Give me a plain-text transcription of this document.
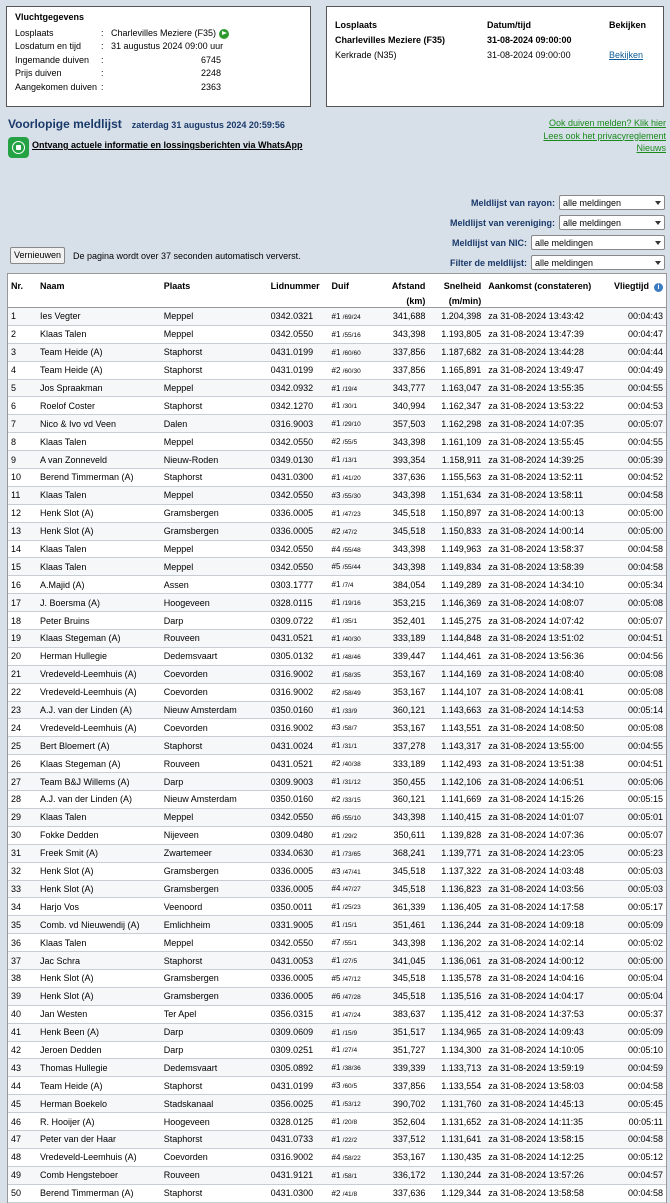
Vluchtgegevens
Losplaats	: Charlevilles Meziere (F35)
Losdatum en tijd	: 31 augustus 2024 09:00 uur
Ingemande duiven	:	6745
Prijs duiven	:	2248
Aangekomen duiven :	2363
Losplaats	Datum/tijd	Bekijken
Charlevilles Meziere (F35)	31-08-2024 09:00:00
Kerkrade (N35)	31-08-2024 09:00:00	Bekijken
Voorlopige meldlijst zaterdag 31 augustus 2024 20:59:56	Ook duiven melden? Klik hier
Lees ook het privacyreglement
Nieuws
Ontvang actuele informatie en lossingsberichten via WhatsApp
Meldlijst van rayon: alle meldingen
Meldlijst van vereniging: alle meldingen
Meldlijst van NIC: alle meldingen
Filter de meldlijst: alle meldingen
Vernieuwen	De pagina wordt over 37 seconden automatisch ververst.
Nr.	Naam	Plaats	Lidnummer	Duif	Afstand
(km)
Snelheid
(m/min)
Aankomst (constateren)	Vliegtijd i
1	Ies Vegter	Meppel	0342.0321	#1 /69/24	341,688	1.204,398 za 31-08-2024 13:43:42	00:04:43
2	Klaas Talen	Meppel	0342.0550	#1 /55/16	343,398	1.193,805 za 31-08-2024 13:47:39	00:04:47
3	Team Heide (A)	Staphorst	0431.0199	#1 /60/60	337,856	1.187,682 za 31-08-2024 13:44:28	00:04:44
4	Team Heide (A)	Staphorst	0431.0199	#2 /60/30	337,856	1.165,891 za 31-08-2024 13:49:47	00:04:49
5	Jos Spraakman	Meppel	0342.0932	#1 /19/4	343,777	1.163,047 za 31-08-2024 13:55:35	00:04:55
6	Roelof Coster	Staphorst	0342.1270	#1 /30/1	340,994	1.162,347 za 31-08-2024 13:53:22	00:04:53
7	Nico & Ivo vd Veen	Dalen	0316.9003	#1 /29/10	357,503	1.162,298 za 31-08-2024 14:07:35	00:05:07
8	Klaas Talen	Meppel	0342.0550	#2 /55/5	343,398	1.161,109 za 31-08-2024 13:55:45	00:04:55
9	A van Zonneveld	Nieuw-Roden	0349.0130	#1 /13/1	393,354	1.158,911 za 31-08-2024 14:39:25	00:05:39
10	Berend Timmerman (A)	Staphorst	0431.0300	#1 /41/20	337,636	1.155,563 za 31-08-2024 13:52:11	00:04:52
11	Klaas Talen	Meppel	0342.0550	#3 /55/30	343,398	1.151,634 za 31-08-2024 13:58:11	00:04:58
12	Henk Slot (A)	Gramsbergen	0336.0005	#1 /47/23	345,518	1.150,897 za 31-08-2024 14:00:13	00:05:00
13	Henk Slot (A)	Gramsbergen	0336.0005	#2 /47/2	345,518	1.150,833 za 31-08-2024 14:00:14	00:05:00
14	Klaas Talen	Meppel	0342.0550	#4 /55/48	343,398	1.149,963 za 31-08-2024 13:58:37	00:04:58
15	Klaas Talen	Meppel	0342.0550	#5 /55/44	343,398	1.149,834 za 31-08-2024 13:58:39	00:04:58
16	A.Majid (A)	Assen	0303.1777	#1 /7/4	384,054	1.149,289 za 31-08-2024 14:34:10	00:05:34
17	J. Boersma (A)	Hoogeveen	0328.0115	#1 /19/16	353,215	1.146,369 za 31-08-2024 14:08:07	00:05:08
18	Peter Bruins	Darp	0309.0722	#1 /35/1	352,401	1.145,275 za 31-08-2024 14:07:42	00:05:07
19	Klaas Stegeman (A)	Rouveen	0431.0521	#1 /40/30	333,189	1.144,848 za 31-08-2024 13:51:02	00:04:51
20	Herman Hullegie	Dedemsvaart	0305.0132	#1 /48/46	339,447	1.144,461 za 31-08-2024 13:56:36	00:04:56
21	Vredeveld-Leemhuis (A)	Coevorden	0316.9002	#1 /58/35	353,167	1.144,169 za 31-08-2024 14:08:40	00:05:08
22	Vredeveld-Leemhuis (A)	Coevorden	0316.9002	#2 /58/49	353,167	1.144,107 za 31-08-2024 14:08:41	00:05:08
23	A.J. van der Linden (A)	Nieuw Amsterdam	0350.0160	#1 /33/9	360,121	1.143,663 za 31-08-2024 14:14:53	00:05:14
24	Vredeveld-Leemhuis (A)	Coevorden	0316.9002	#3 /58/7	353,167	1.143,551 za 31-08-2024 14:08:50	00:05:08
25	Bert Bloemert (A)	Staphorst	0431.0024	#1 /31/1	337,278	1.143,317 za 31-08-2024 13:55:00	00:04:55
26	Klaas Stegeman (A)	Rouveen	0431.0521	#2 /40/38	333,189	1.142,493 za 31-08-2024 13:51:38	00:04:51
27	Team B&J Willems (A)	Darp	0309.9003	#1 /31/12	350,455	1.142,106 za 31-08-2024 14:06:51	00:05:06
28	A.J. van der Linden (A)	Nieuw Amsterdam	0350.0160	#2 /33/15	360,121	1.141,669 za 31-08-2024 14:15:26	00:05:15
29	Klaas Talen	Meppel	0342.0550	#6 /55/10	343,398	1.140,415 za 31-08-2024 14:01:07	00:05:01
30	Fokke Dedden	Nijeveen	0309.0480	#1 /29/2	350,611	1.139,828 za 31-08-2024 14:07:36	00:05:07
31	Freek Smit (A)	Zwartemeer	0334.0630	#1 /73/65	368,241	1.139,771 za 31-08-2024 14:23:05	00:05:23
32	Henk Slot (A)	Gramsbergen	0336.0005	#3 /47/41	345,518	1.137,322 za 31-08-2024 14:03:48	00:05:03
33	Henk Slot (A)	Gramsbergen	0336.0005	#4 /47/27	345,518	1.136,823 za 31-08-2024 14:03:56	00:05:03
34	Harjo Vos	Veenoord	0350.0011	#1 /25/23	361,339	1.136,405 za 31-08-2024 14:17:58	00:05:17
35	Comb. vd Nieuwendij (A)	Emlichheim	0331.9005	#1 /15/1	351,461	1.136,244 za 31-08-2024 14:09:18	00:05:09
36	Klaas Talen	Meppel	0342.0550	#7 /55/1	343,398	1.136,202 za 31-08-2024 14:02:14	00:05:02
37	Jac Schra	Staphorst	0431.0053	#1 /27/5	341,045	1.136,061 za 31-08-2024 14:00:12	00:05:00
38	Henk Slot (A)	Gramsbergen	0336.0005	#5 /47/12	345,518	1.135,578 za 31-08-2024 14:04:16	00:05:04
39	Henk Slot (A)	Gramsbergen	0336.0005	#6 /47/28	345,518	1.135,516 za 31-08-2024 14:04:17	00:05:04
40	Jan Westen	Ter Apel	0356.0315	#1 /47/24	383,637	1.135,412 za 31-08-2024 14:37:53	00:05:37
41	Henk Been (A)	Darp	0309.0609	#1 /15/9	351,517	1.134,965 za 31-08-2024 14:09:43	00:05:09
42	Jeroen Dedden	Darp	0309.0251	#1 /27/4	351,727	1.134,300 za 31-08-2024 14:10:05	00:05:10
43	Thomas Hullegie	Dedemsvaart	0305.0892	#1 /38/36	339,339	1.133,713 za 31-08-2024 13:59:19	00:04:59
44	Team Heide (A)	Staphorst	0431.0199	#3 /60/5	337,856	1.133,554 za 31-08-2024 13:58:03	00:04:58
45	Herman Boekelo	Stadskanaal	0356.0025	#1 /53/12	390,702	1.131,760 za 31-08-2024 14:45:13	00:05:45
46	R. Hooijer (A)	Hoogeveen	0328.0125	#1 /20/8	352,604	1.131,652 za 31-08-2024 14:11:35	00:05:11
47	Peter van der Haar	Staphorst	0431.0733	#1 /22/2	337,512	1.131,641 za 31-08-2024 13:58:15	00:04:58
48	Vredeveld-Leemhuis (A)	Coevorden	0316.9002	#4 /58/22	353,167	1.130,435 za 31-08-2024 14:12:25	00:05:12
49	Comb Hengsteboer	Rouveen	0431.9121	#1 /58/1	336,172	1.130,244 za 31-08-2024 13:57:26	00:04:57
50	Berend Timmerman (A)	Staphorst	0431.0300	#2 /41/8	337,636	1.129,344 za 31-08-2024 13:58:58	00:04:58
